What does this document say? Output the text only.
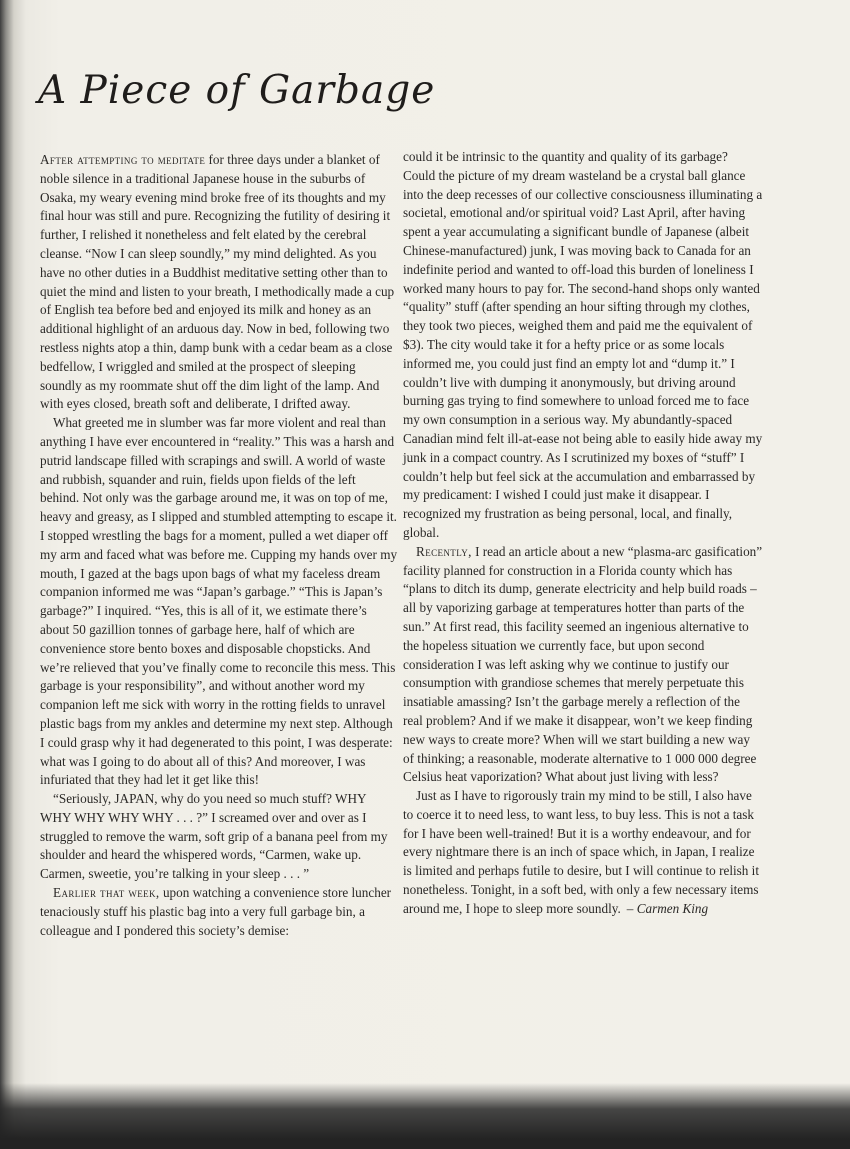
A Piece of Garbage

After attempting to meditate for three days under a blanket of noble silence in a traditional Japanese house in the suburbs of Osaka, my weary evening mind broke free of its thoughts and my final hour was still and pure. Recognizing the futility of desiring it further, I relished it nonetheless and felt elated by the cerebral cleanse. “Now I can sleep soundly,” my mind delighted. As you have no other duties in a Buddhist meditative setting other than to quiet the mind and listen to your breath, I methodically made a cup of English tea before bed and enjoyed its milk and honey as an additional highlight of an arduous day. Now in bed, following two restless nights atop a thin, damp bunk with a cedar beam as a close bedfellow, I wriggled and smiled at the prospect of sleeping soundly as my roommate shut off the dim light of the lamp. And with eyes closed, breath soft and deliberate, I drifted away.

What greeted me in slumber was far more violent and real than anything I have ever encountered in “reality.” This was a harsh and putrid landscape filled with scrapings and swill. A world of waste and rubbish, squander and ruin, fields upon fields of the left behind. Not only was the garbage around me, it was on top of me, heavy and greasy, as I slipped and stumbled attempting to escape it. I stopped wrestling the bags for a moment, pulled a wet diaper off my arm and faced what was before me. Cupping my hands over my mouth, I gazed at the bags upon bags of what my faceless dream companion informed me was “Japan’s garbage.” “This is Japan’s garbage?” I inquired. “Yes, this is all of it, we estimate there’s about 50 gazillion tonnes of garbage here, half of which are convenience store bento boxes and disposable chopsticks. And we’re relieved that you’ve finally come to reconcile this mess. This garbage is your responsibility”, and without another word my companion left me sick with worry in the rotting fields to unravel plastic bags from my ankles and determine my next step. Although I could grasp why it had degenerated to this point, I was desperate: what was I going to do about all of this? And moreover, I was infuriated that they had let it get like this!

“Seriously, JAPAN, why do you need so much stuff? WHY WHY WHY WHY WHY . . . ?” I screamed over and over as I struggled to remove the warm, soft grip of a banana peel from my shoulder and heard the whispered words, “Carmen, wake up. Carmen, sweetie, you’re talking in your sleep . . . ”

Earlier that week, upon watching a convenience store luncher tenaciously stuff his plastic bag into a very full garbage bin, a colleague and I pondered this society’s demise:

could it be intrinsic to the quantity and quality of its garbage? Could the picture of my dream wasteland be a crystal ball glance into the deep recesses of our collective consciousness illuminating a societal, emotional and/or spiritual void? Last April, after having spent a year accumulating a significant bundle of Japanese (albeit Chinese-manufactured) junk, I was moving back to Canada for an indefinite period and wanted to off-load this burden of loneliness I worked many hours to pay for. The second-hand shops only wanted “quality” stuff (after spending an hour sifting through my clothes, they took two pieces, weighed them and paid me the equivalent of $3). The city would take it for a hefty price or as some locals informed me, you could just find an empty lot and “dump it.” I couldn’t live with dumping it anonymously, but driving around burning gas trying to find somewhere to unload forced me to face my own consumption in a serious way. My abundantly-spaced Canadian mind felt ill-at-ease not being able to easily hide away my junk in a compact country. As I scrutinized my boxes of “stuff” I couldn’t help but feel sick at the accumulation and embarrassed by my predicament: I wished I could just make it disappear. I recognized my frustration as being personal, local, and finally, global.

Recently, I read an article about a new “plasma-arc gasification” facility planned for construction in a Florida county which has “plans to ditch its dump, generate electricity and help build roads – all by vaporizing garbage at temperatures hotter than parts of the sun.” At first read, this facility seemed an ingenious alternative to the hopeless situation we currently face, but upon second consideration I was left asking why we continue to justify our consumption with grandiose schemes that merely perpetuate this insatiable amassing? Isn’t the garbage merely a reflection of the real problem? And if we make it disappear, won’t we keep finding new ways to create more? When will we start building a new way of thinking; a reasonable, moderate alternative to 1 000 000 degree Celsius heat vaporization? What about just living with less?

Just as I have to rigorously train my mind to be still, I also have to coerce it to need less, to want less, to buy less. This is not a task for I have been well-trained! But it is a worthy endeavour, and for every nightmare there is an inch of space which, in Japan, I realize is limited and perhaps futile to desire, but I will continue to relish it nonetheless. Tonight, in a soft bed, with only a few necessary items around me, I hope to sleep more soundly. – Carmen King
